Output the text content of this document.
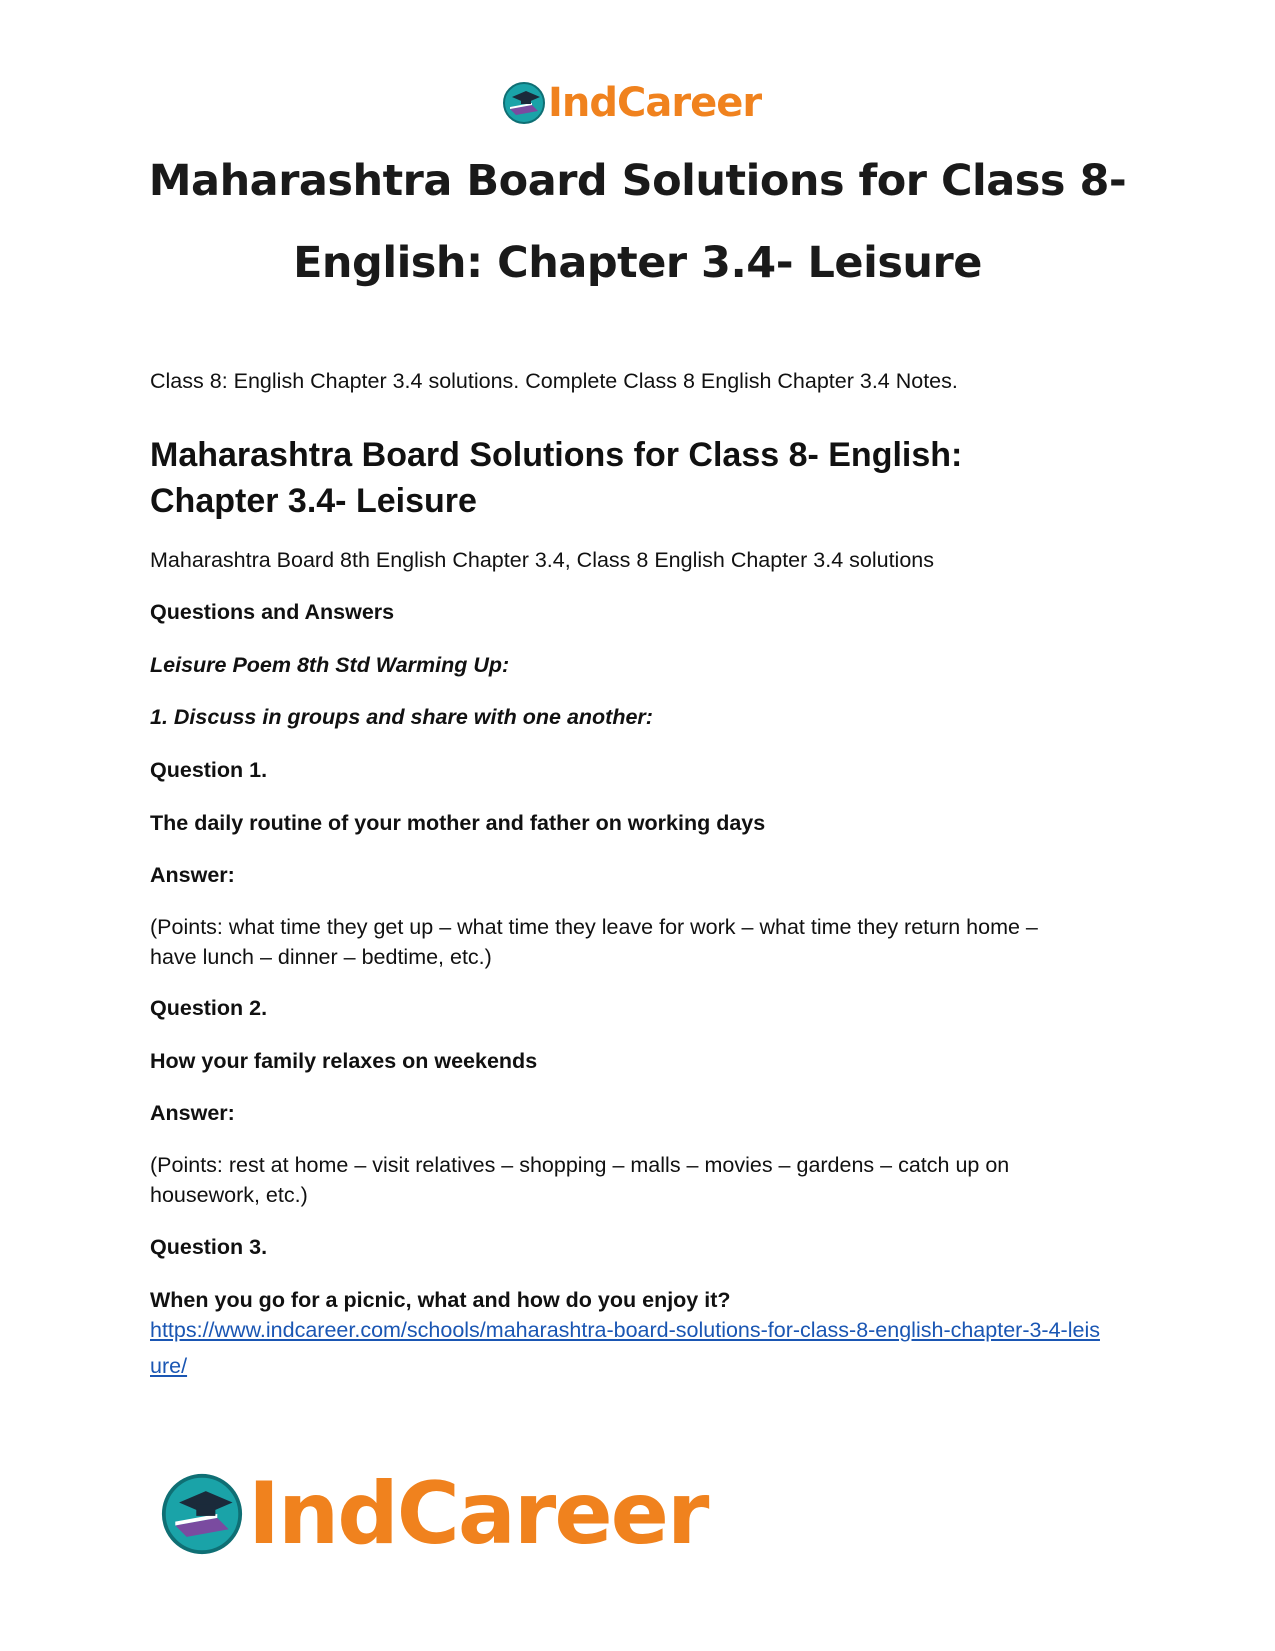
IndCareer
Maharashtra Board Solutions for Class 8- English: Chapter 3.4- Leisure

Class 8: English Chapter 3.4 solutions. Complete Class 8 English Chapter 3.4 Notes.

Maharashtra Board Solutions for Class 8- English: Chapter 3.4- Leisure

Maharashtra Board 8th English Chapter 3.4, Class 8 English Chapter 3.4 solutions

Questions and Answers

Leisure Poem 8th Std Warming Up:

1. Discuss in groups and share with one another:

Question 1.

The daily routine of your mother and father on working days

Answer:

(Points: what time they get up – what time they leave for work – what time they return home – have lunch – dinner – bedtime, etc.)

Question 2.

How your family relaxes on weekends

Answer:

(Points: rest at home – visit relatives – shopping – malls – movies – gardens – catch up on housework, etc.)

Question 3.

When you go for a picnic, what and how do you enjoy it?

https://www.indcareer.com/schools/maharashtra-board-solutions-for-class-8-english-chapter-3-4-leisure/
IndCareer
